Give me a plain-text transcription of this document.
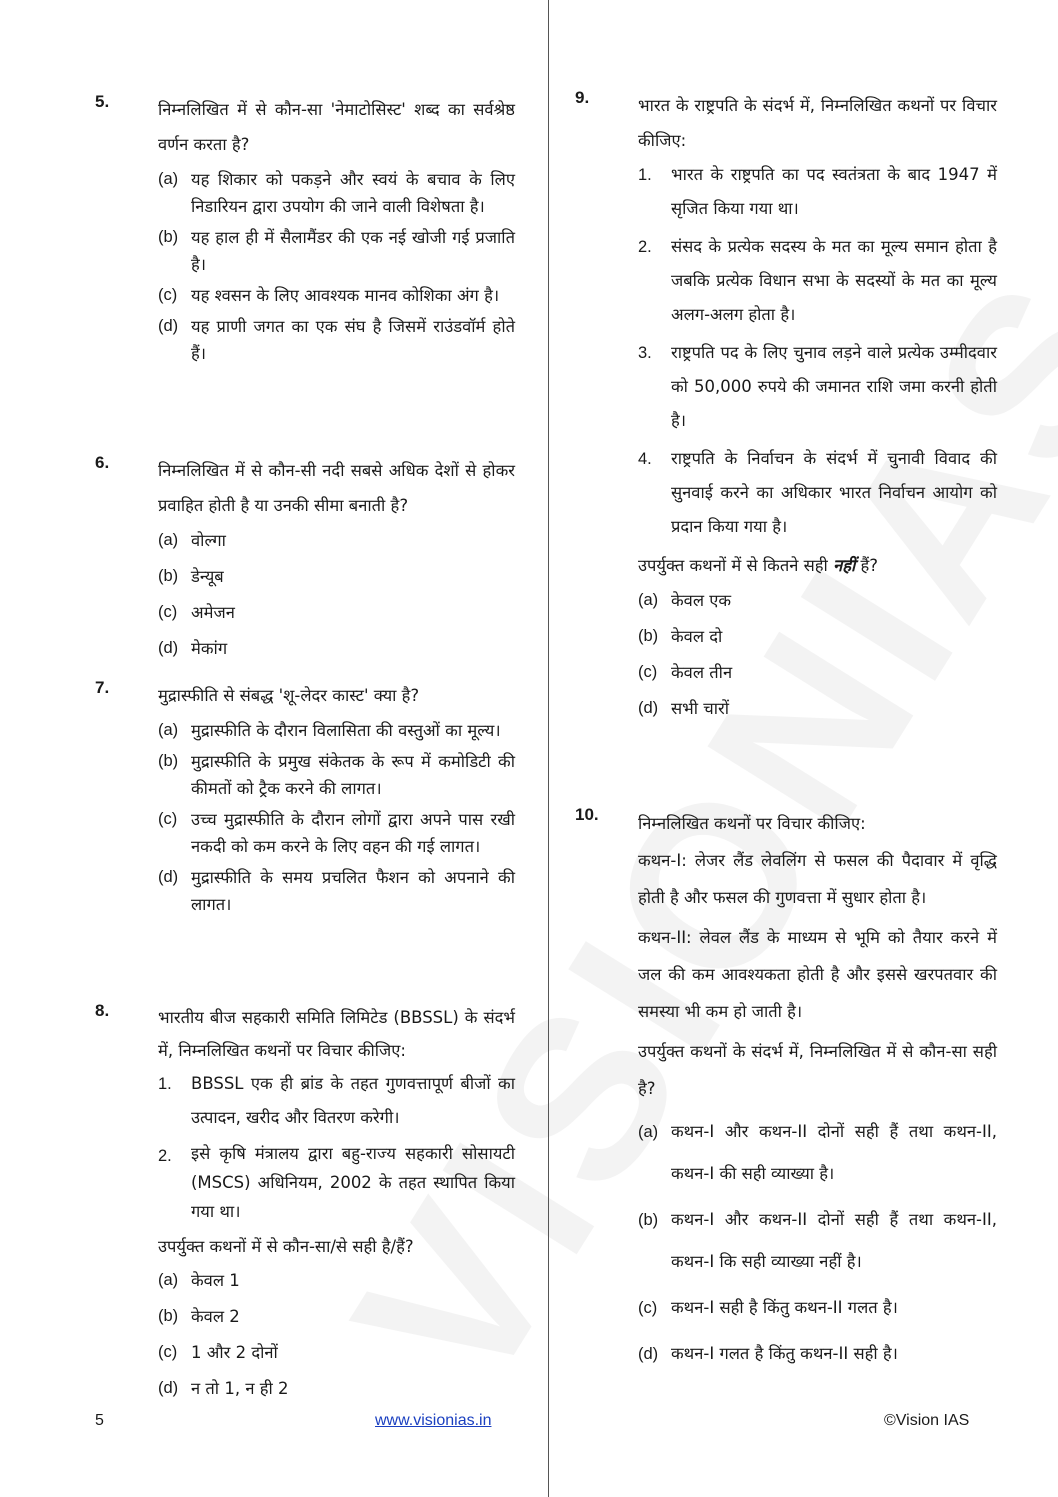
5.	निम्नलिखित में से कौन-सा 'नेमाटोसिस्ट' शब्द का सर्वश्रेष्ठ वर्णन करता है?

(a) यह शिकार को पकड़ने और स्वयं के बचाव के लिए निडारियन द्वारा उपयोग की जाने वाली विशेषता है।
(b) यह हाल ही में सैलामैंडर की एक नई खोजी गई प्रजाति है।
(c) यह श्वसन के लिए आवश्यक मानव कोशिका अंग है।
(d) यह प्राणी जगत का एक संघ है जिसमें राउंडवॉर्म होते हैं।
6.	निम्नलिखित में से कौन-सी नदी सबसे अधिक देशों से होकर प्रवाहित होती है या उनकी सीमा बनाती है?

(a) वोल्गा
(b) डेन्यूब
(c) अमेजन
(d) मेकांग
7.	मुद्रास्फीति से संबद्ध 'शू-लेदर कास्ट' क्या है?

(a) मुद्रास्फीति के दौरान विलासिता की वस्तुओं का मूल्य।
(b) मुद्रास्फीति के प्रमुख संकेतक के रूप में कमोडिटी की कीमतों को ट्रैक करने की लागत।
(c) उच्च मुद्रास्फीति के दौरान लोगों द्वारा अपने पास रखी नकदी को कम करने के लिए वहन की गई लागत।
(d) मुद्रास्फीति के समय प्रचलित फैशन को अपनाने की लागत।
8.	भारतीय बीज सहकारी समिति लिमिटेड (BBSSL) के संदर्भ में, निम्नलिखित कथनों पर विचार कीजिए:

1.	BBSSL एक ही ब्रांड के तहत गुणवत्तापूर्ण बीजों का उत्पादन, खरीद और वितरण करेगी।
2.	इसे कृषि मंत्रालय द्वारा बहु-राज्य सहकारी सोसायटी (MSCS) अधिनियम, 2002 के तहत स्थापित किया गया था।

उपर्युक्त कथनों में से कौन-सा/से सही है/हैं?

(a) केवल 1
(b) केवल 2
(c) 1 और 2 दोनों
(d) न तो 1, न ही 2
9.	भारत के राष्ट्रपति के संदर्भ में, निम्नलिखित कथनों पर विचार कीजिए:

1.	भारत के राष्ट्रपति का पद स्वतंत्रता के बाद 1947 में सृजित किया गया था।
2.	संसद के प्रत्येक सदस्य के मत का मूल्य समान होता है जबकि प्रत्येक विधान सभा के सदस्यों के मत का मूल्य अलग-अलग होता है।
3.	राष्ट्रपति पद के लिए चुनाव लड़ने वाले प्रत्येक उम्मीदवार को 50,000 रुपये की जमानत राशि जमा करनी होती है।
4.	राष्ट्रपति के निर्वाचन के संदर्भ में चुनावी विवाद की सुनवाई करने का अधिकार भारत निर्वाचन आयोग को प्रदान किया गया है।

उपर्युक्त कथनों में से कितने सही नहीं हैं?

(a) केवल एक
(b) केवल दो
(c) केवल तीन
(d) सभी चारों
10. निम्नलिखित कथनों पर विचार कीजिए:

कथन-I: लेजर लैंड लेवलिंग से फसल की पैदावार में वृद्धि होती है और फसल की गुणवत्ता में सुधार होता है।

कथन-II: लेवल लैंड के माध्यम से भूमि को तैयार करने में जल की कम आवश्यकता होती है और इससे खरपतवार की समस्या भी कम हो जाती है।

उपर्युक्त कथनों के संदर्भ में, निम्नलिखित में से कौन-सा सही है?

(a) कथन-I और कथन-II दोनों सही हैं तथा कथन-II, कथन-I की सही व्याख्या है।
(b) कथन-I और कथन-II दोनों सही हैं तथा कथन-II, कथन-I कि सही व्याख्या नहीं है।
(c) कथन-I सही है किंतु कथन-II गलत है।
(d) कथन-I गलत है किंतु कथन-II सही है।
5	www.visionias.in	©Vision IAS
